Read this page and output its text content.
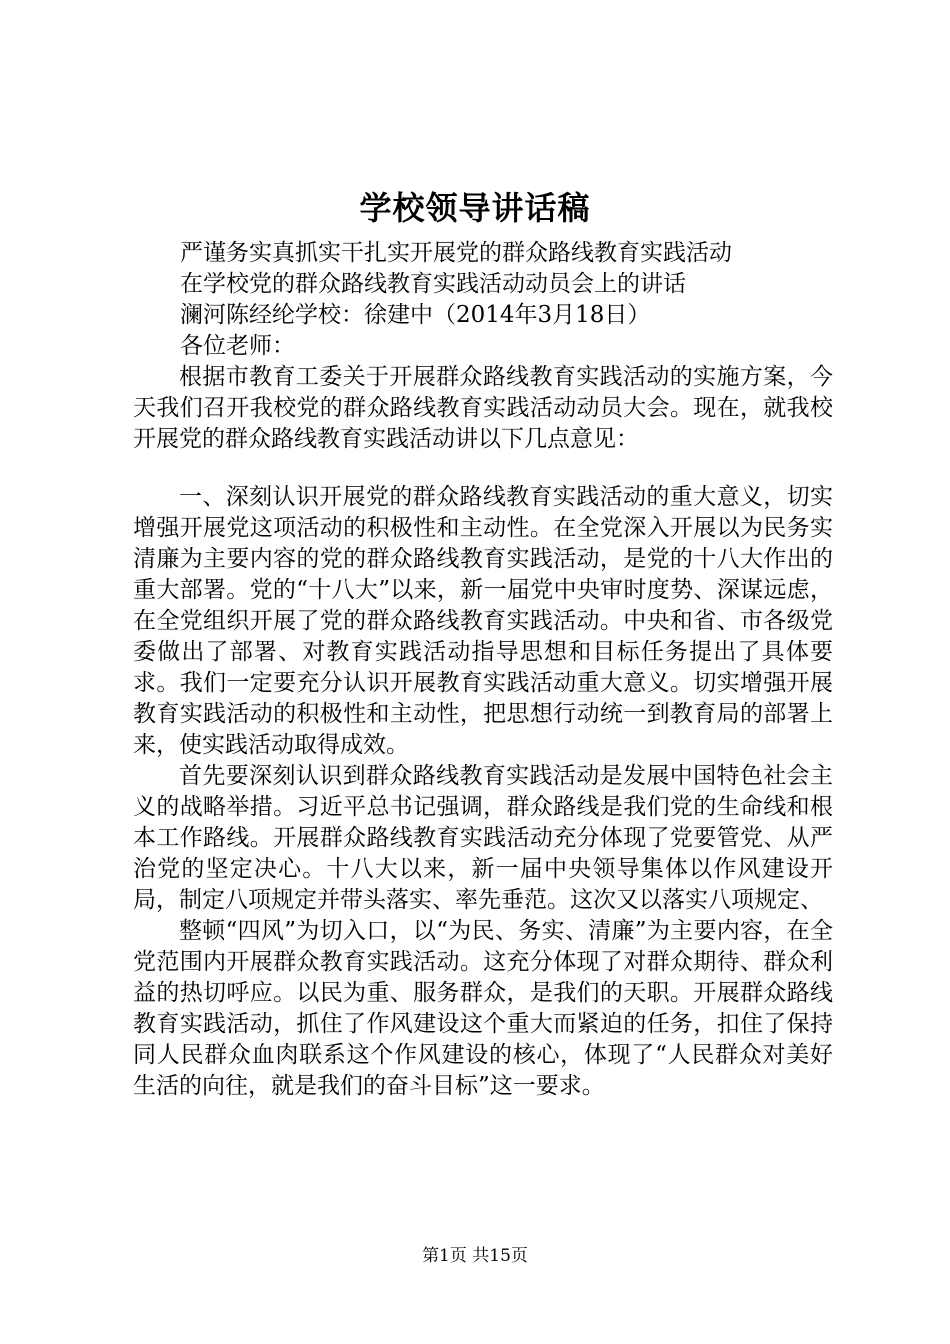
学校领导讲话稿
严谨务实真抓实干扎实开展党的群众路线教育实践活动
在学校党的群众路线教育实践活动动员会上的讲话
澜河陈经纶学校：徐建中（2014年3月18日）
各位老师：

根据市教育工委关于开展群众路线教育实践活动的实施方案，今天我们召开我校党的群众路线教育实践活动动员大会。现在，就我校开展党的群众路线教育实践活动讲以下几点意见：

一、深刻认识开展党的群众路线教育实践活动的重大意义，切实增强开展党这项活动的积极性和主动性。在全党深入开展以为民务实清廉为主要内容的党的群众路线教育实践活动，是党的十八大作出的重大部署。党的“十八大”以来，新一届党中央审时度势、深谋远虑，在全党组织开展了党的群众路线教育实践活动。中央和省、市各级党委做出了部署、对教育实践活动指导思想和目标任务提出了具体要求。我们一定要充分认识开展教育实践活动重大意义。切实增强开展教育实践活动的积极性和主动性，把思想行动统一到教育局的部署上来，使实践活动取得成效。

首先要深刻认识到群众路线教育实践活动是发展中国特色社会主义的战略举措。习近平总书记强调，群众路线是我们党的生命线和根本工作路线。开展群众路线教育实践活动充分体现了党要管党、从严治党的坚定决心。十八大以来，新一届中央领导集体以作风建设开局，制定八项规定并带头落实、率先垂范。这次又以落实八项规定、

整顿“四风”为切入口，以“为民、务实、清廉”为主要内容，在全党范围内开展群众教育实践活动。这充分体现了对群众期待、群众利益的热切呼应。以民为重、服务群众，是我们的天职。开展群众路线教育实践活动，抓住了作风建设这个重大而紧迫的任务，扣住了保持同人民群众血肉联系这个作风建设的核心，体现了“人民群众对美好生活的向往，就是我们的奋斗目标”这一要求。

第1页 共15页
